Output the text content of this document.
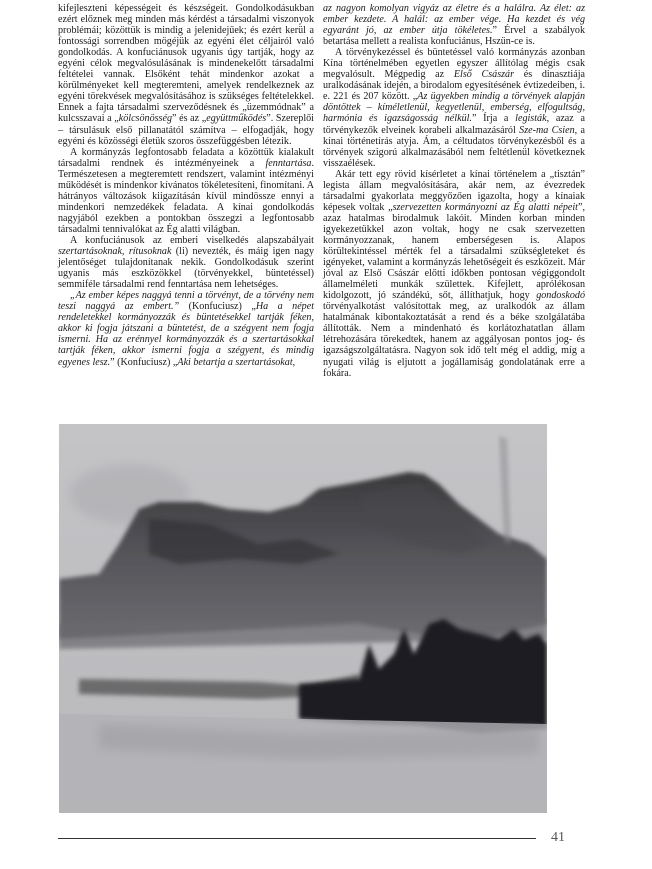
kifejleszteni képességeit és készségeit. Gondolkodásukban ezért előznek meg minden más kérdést a társadalmi viszonyok problémái; közöttük is mindig a jelenidejűek; és ezért kerül a fontossági sorrendben mögéjük az egyéni élet céljairól való gondolkodás. A konfuciánusok ugyanis úgy tartják, hogy az egyéni célok megvalósulásának is mindenekelőtt társadalmi feltételei vannak. Elsőként tehát mindenkor azokat a körülményeket kell megteremteni, amelyek rendelkeznek az egyéni törekvések megvalósításához is szükséges feltételekkel. Ennek a fajta társadalmi szerveződésnek és „üzemmódnak” a kulcsszavai a „kölcsönösség” és az „együttműködés”. Szereplői – társulásuk első pillanatától számítva – elfogadják, hogy egyéni és közösségi életük szoros összefüggésben létezik.

A kormányzás legfontosabb feladata a közöttük kialakult társadalmi rendnek és intézményeinek a fenntartása. Természetesen a megteremtett rendszert, valamint intézményi működését is mindenkor kívánatos tökéletesíteni, finomítani. A hátrányos változások kiigazításán kívül mindössze ennyi a mindenkori nemzedékek feladata. A kínai gondolkodás nagyjából ezekben a pontokban összegzi a legfontosabb társadalmi tennivalókat az Ég alatti világban.

A konfuciánusok az emberi viselkedés alapszabályait szertartásoknak, rítusoknak (li) nevezték, és máig igen nagy jelentőséget tulajdonítanak nekik. Gondolkodásuk szerint ugyanis más eszközökkel (törvényekkel, büntetéssel) semmiféle társadalmi rend fenntartása nem lehetséges.

„Az ember képes naggyá tenni a törvényt, de a törvény nem teszi naggyá az embert.” (Konfuciusz) „Ha a népet rendeletekkel kormányozzák és büntetésekkel tartják féken, akkor ki fogja játszani a büntetést, de a szégyent nem fogja ismerni. Ha az erénnyel kormányozzák és a szertartásokkal tartják féken, akkor ismerni fogja a szégyent, és mindig egyenes lesz.” (Konfuciusz) „Aki betartja a szertartásokat,

az nagyon komolyan vigyáz az életre és a halálra. Az élet: az ember kezdete. A halál: az ember vége. Ha kezdet és vég egyaránt jó, az ember útja tökéletes.” Érvel a szabályok betartása mellett a realista konfuciánus, Hszün-ce is.

A törvénykezéssel és büntetéssel való kormányzás azonban Kína történelmében egyetlen egyszer állítólag mégis csak megvalósult. Mégpedig az Első Császár és dinasztiája uralkodásának idején, a birodalom egyesítésének évtizedeiben, i. e. 221 és 207 között. „Az ügyekben mindig a törvények alapján döntöttek – kíméletlenül, kegyetlenül, emberség, elfogultság, harmónia és igazságosság nélkül.” Írja a legisták, azaz a törvénykezők elveinek korabeli alkalmazásáról Sze-ma Csien, a kínai történetírás atyja. Ám, a céltudatos törvénykezésből és a törvények szigorú alkalmazásából nem feltétlenül következnek visszaélések.

Akár tett egy rövid kísérletet a kínai történelem a „tisztán” legista állam megvalósítására, akár nem, az évezredek társadalmi gyakorlata meggyőzően igazolta, hogy a kínaiak képesek voltak „szervezetten kormányozni az Ég alatti népeit”, azaz hatalmas birodalmuk lakóit. Minden korban minden igyekezetükkel azon voltak, hogy ne csak szervezetten kormányozzanak, hanem emberségesen is. Alapos körültekintéssel mérték fel a társadalmi szükségleteket és igényeket, valamint a kormányzás lehetőségeit és eszközeit. Már jóval az Első Császár előtti időkben pontosan végiggondolt államelméleti munkák születtek. Kifejlett, aprólékosan kidolgozott, jó szándékú, sőt, állíthatjuk, hogy gondoskodó törvényalkotást valósítottak meg, az uralkodók az állam hatalmának kibontakoztatását a rend és a béke szolgálatába állították. Nem a mindenható és korlátozhatatlan állam létrehozására törekedtek, hanem az aggályosan pontos jog- és igazságszolgáltatásra. Nagyon sok idő telt még el addig, míg a nyugati világ is eljutott a jogállamiság gondolatának erre a fokára.

41
